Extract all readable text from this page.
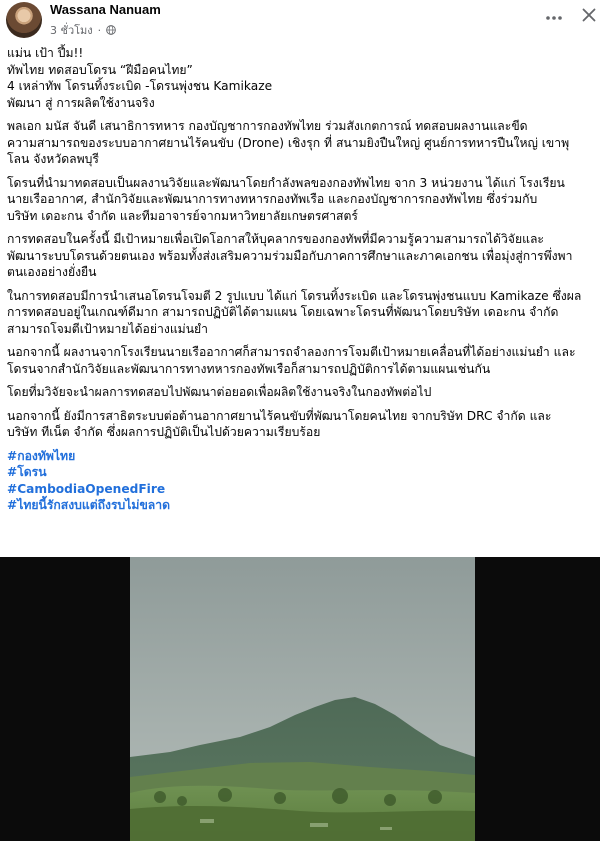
Wassana Nanuam
3 ชั่วโมง ·

แม่น เป้า ปึ้ม!!

ทัพไทย ทดสอบโดรน “ฝีมือคนไทย”

4 เหล่าทัพ โดรนทิ้งระเบิด -โดรนพุ่งชน Kamikaze

พัฒนา สู่ การผลิตใช้งานจริง

พลเอก มนัส จันดี เสนาธิการทหาร กองบัญชาการกองทัพไทย ร่วมสังเกตการณ์ ทดสอบผลงานและขีด

ความสามารถของระบบอากาศยานไร้คนขับ (Drone) เชิงรุก ที่ สนามยิงปืนใหญ่ ศูนย์การทหารปืนใหญ่ เขาพุ

โลน จังหวัดลพบุรี

โดรนที่นำมาทดสอบเป็นผลงานวิจัยและพัฒนาโดยกำลังพลของกองทัพไทย จาก 3 หน่วยงาน ได้แก่ โรงเรียน

นายเรืออากาศ, สำนักวิจัยและพัฒนาการทางทหารกองทัพเรือ และกองบัญชาการกองทัพไทย ซึ่งร่วมกับ

บริษัท เดอะกน จำกัด และทีมอาจารย์จากมหาวิทยาลัยเกษตรศาสตร์

การทดสอบในครั้งนี้ มีเป้าหมายเพื่อเปิดโอกาสให้บุคลากรของกองทัพที่มีความรู้ความสามารถได้วิจัยและ

พัฒนาระบบโดรนด้วยตนเอง พร้อมทั้งส่งเสริมความร่วมมือกับภาคการศึกษาและภาคเอกชน เพื่อมุ่งสู่การพึ่งพา

ตนเองอย่างยั่งยืน

ในการทดสอบมีการนำเสนอโดรนโจมตี 2 รูปแบบ ได้แก่ โดรนทิ้งระเบิด และโดรนพุ่งชนแบบ Kamikaze ซึ่งผล

การทดสอบอยู่ในเกณฑ์ดีมาก สามารถปฏิบัติได้ตามแผน โดยเฉพาะโดรนที่พัฒนาโดยบริษัท เดอะกน จำกัด

สามารถโจมตีเป้าหมายได้อย่างแม่นยำ

นอกจากนี้ ผลงานจากโรงเรียนนายเรืออากาศก็สามารถจำลองการโจมตีเป้าหมายเคลื่อนที่ได้อย่างแม่นยำ และ

โดรนจากสำนักวิจัยและพัฒนาการทางทหารกองทัพเรือก็สามารถปฏิบัติการได้ตามแผนเช่นกัน

โดยที่มวิจัยจะนำผลการทดสอบไปพัฒนาต่อยอดเพื่อผลิตใช้งานจริงในกองทัพต่อไป

นอกจากนี้ ยังมีการสาธิตระบบต่อต้านอากาศยานไร้คนขับที่พัฒนาโดยคนไทย จากบริษัท DRC จำกัด และ

บริษัท ทีเน็ต จำกัด ซึ่งผลการปฏิบัติเป็นไปด้วยความเรียบร้อย

#กองทัพไทย
#โดรน
#CambodiaOpenedFire
#ไทยนี้รักสงบแต่ถึงรบไม่ขลาด
